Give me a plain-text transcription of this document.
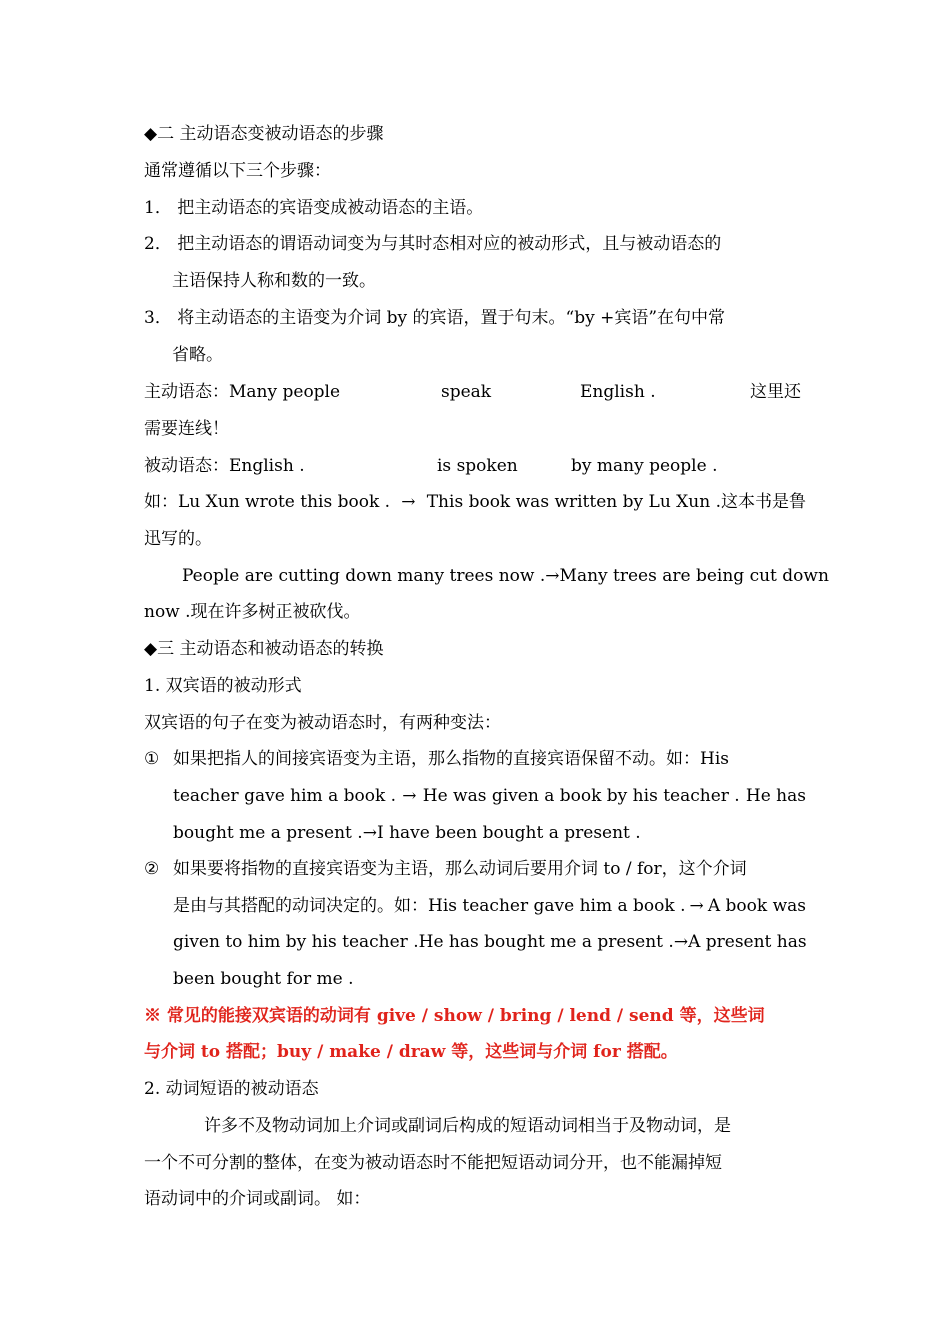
◆二 主动语态变被动语态的步骤
通常遵循以下三个步骤：
1． 把主动语态的宾语变成被动语态的主语。
2． 把主动语态的谓语动词变为与其时态相对应的被动形式，且与被动语态的
主语保持人称和数的一致。
3． 将主动语态的主语变为介词 by 的宾语，置于句末。“by +宾语”在句中常
省略。
主动语态：Many people	speak	English .	这里还
需要连线！
被动语态：English .	is spoken	by many people .
如：Lu Xun wrote this book . → This book was written by Lu Xun .这本书是鲁
迅写的。
People are cutting down many trees now . → Many trees are being cut down
now .现在许多树正被砍伐。
◆三 主动语态和被动语态的转换
1. 双宾语的被动形式
双宾语的句子在变为被动语态时，有两种变法：
① 如果把指人的间接宾语变为主语，那么指物的直接宾语保留不动。如：His
teacher gave him a book . → He was given a book by his teacher . He has
bought me a present .→I have been bought a present .
② 如果要将指物的直接宾语变为主语，那么动词后要用介词 to / for，这个介词
是由与其搭配的动词决定的。如：His teacher gave him a book . → A book was
given to him by his teacher . He has bought me a present . → A present has
been bought for me .
※ 常见的能接双宾语的动词有 give / show / bring / lend / send 等，这些词
与介词 to 搭配；buy / make / draw 等，这些词与介词 for 搭配。
2. 动词短语的被动语态
许多不及物动词加上介词或副词后构成的短语动词相当于及物动词，是
一个不可分割的整体，在变为被动语态时不能把短语动词分开，也不能漏掉短
语动词中的介词或副词。 如：
